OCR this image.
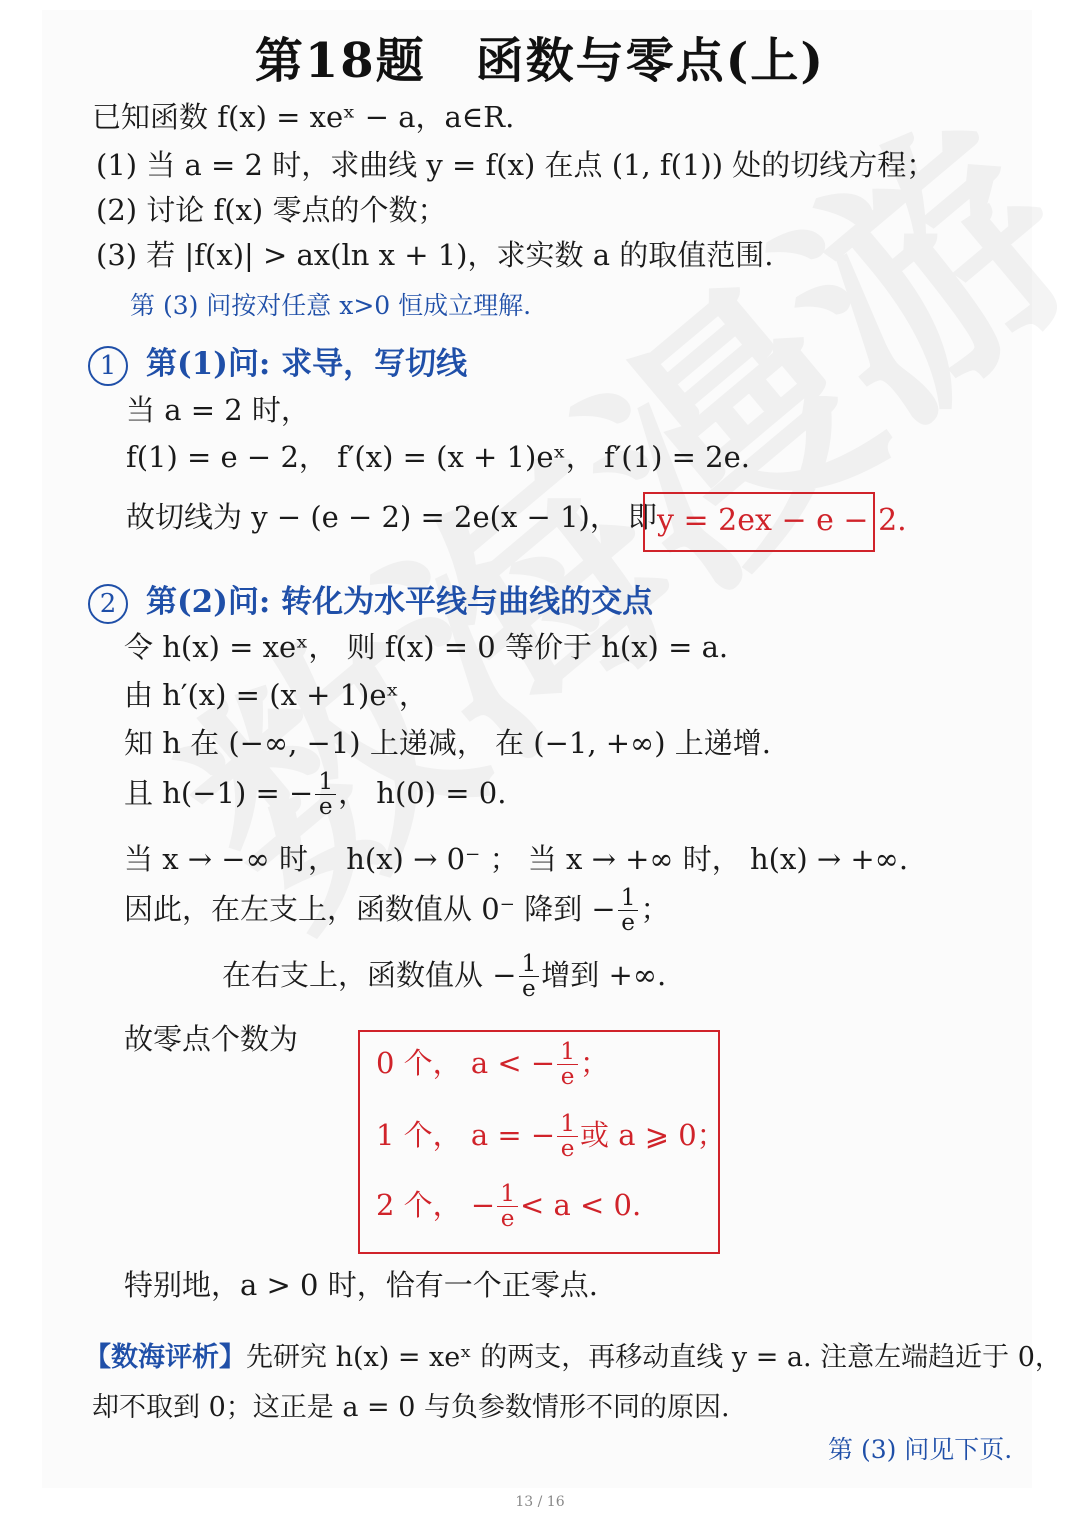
第18题　函数与零点(上)
已知函数 f(x) = xeˣ − a，a∈R.
(1) 当 a = 2 时，求曲线 y = f(x) 在点 (1, f(1)) 处的切线方程；
(2) 讨论 f(x) 零点的个数；
(3) 若 |f(x)| > ax(ln x + 1)，求实数 a 的取值范围.
第 (3) 问按对任意 x>0 恒成立理解.
1 第(1)问: 求导，写切线
当 a = 2 时，
f(1) = e − 2， f′(x) = (x + 1)eˣ， f′(1) = 2e.
故切线为 y − (e − 2) = 2e(x − 1)， 即 y = 2ex − e − 2.
2 第(2)问: 转化为水平线与曲线的交点
令 h(x) = xeˣ， 则 f(x) = 0 等价于 h(x) = a.
由 h′(x) = (x + 1)eˣ，
知 h 在 (−∞, −1) 上递减， 在 (−1, +∞) 上递增.
且 h(−1) = − $\frac{1}{e}$ ， h(0) = 0.
当 x → −∞ 时， h(x) → 0⁻ ； 当 x → +∞ 时， h(x) → +∞.
因此，在左支上，函数值从 0⁻ 降到 − $\frac{1}{e}$ ；
在右支上，函数值从 − $\frac{1}{e}$ 增到 +∞.
故零点个数为
0 个， a < − $\frac{1}{e}$ ；
1 个， a = − $\frac{1}{e}$ 或 a ⩾ 0；
2 个， − $\frac{1}{e} < a < 0$.
特别地，a > 0 时，恰有一个正零点.
【数海评析】先研究 h(x) = xeˣ 的两支，再移动直线 y = a. 注意左端趋近于 0，
却不取到 0；这正是 a = 0 与负参数情形不同的原因.
第 (3) 问见下页.
13 / 16
